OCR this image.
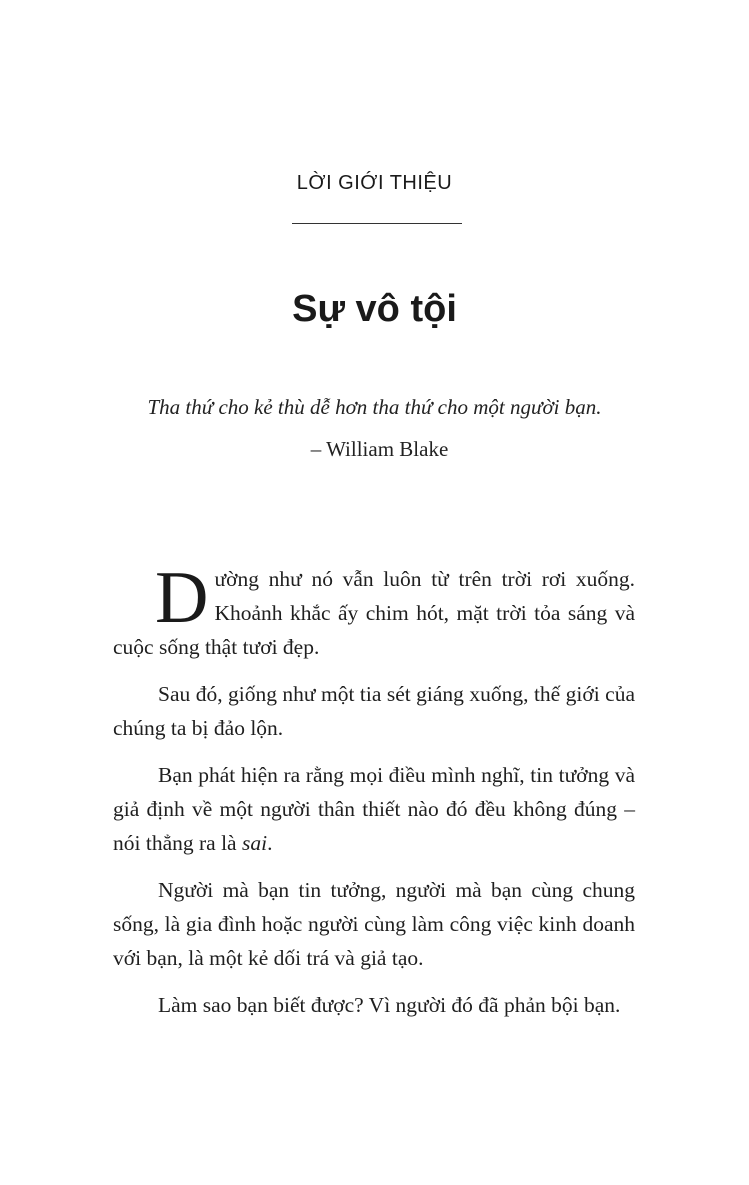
LỜI GIỚI THIỆU
Sự vô tội
Tha thứ cho kẻ thù dễ hơn tha thứ cho một người bạn.
– William Blake

Dường như nó vẫn luôn từ trên trời rơi xuống. Khoảnh khắc ấy chim hót, mặt trời tỏa sáng và cuộc sống thật tươi đẹp.

Sau đó, giống như một tia sét giáng xuống, thế giới của chúng ta bị đảo lộn.

Bạn phát hiện ra rằng mọi điều mình nghĩ, tin tưởng và giả định về một người thân thiết nào đó đều không đúng – nói thẳng ra là sai.

Người mà bạn tin tưởng, người mà bạn cùng chung sống, là gia đình hoặc người cùng làm công việc kinh doanh với bạn, là một kẻ dối trá và giả tạo.

Làm sao bạn biết được? Vì người đó đã phản bội bạn.
